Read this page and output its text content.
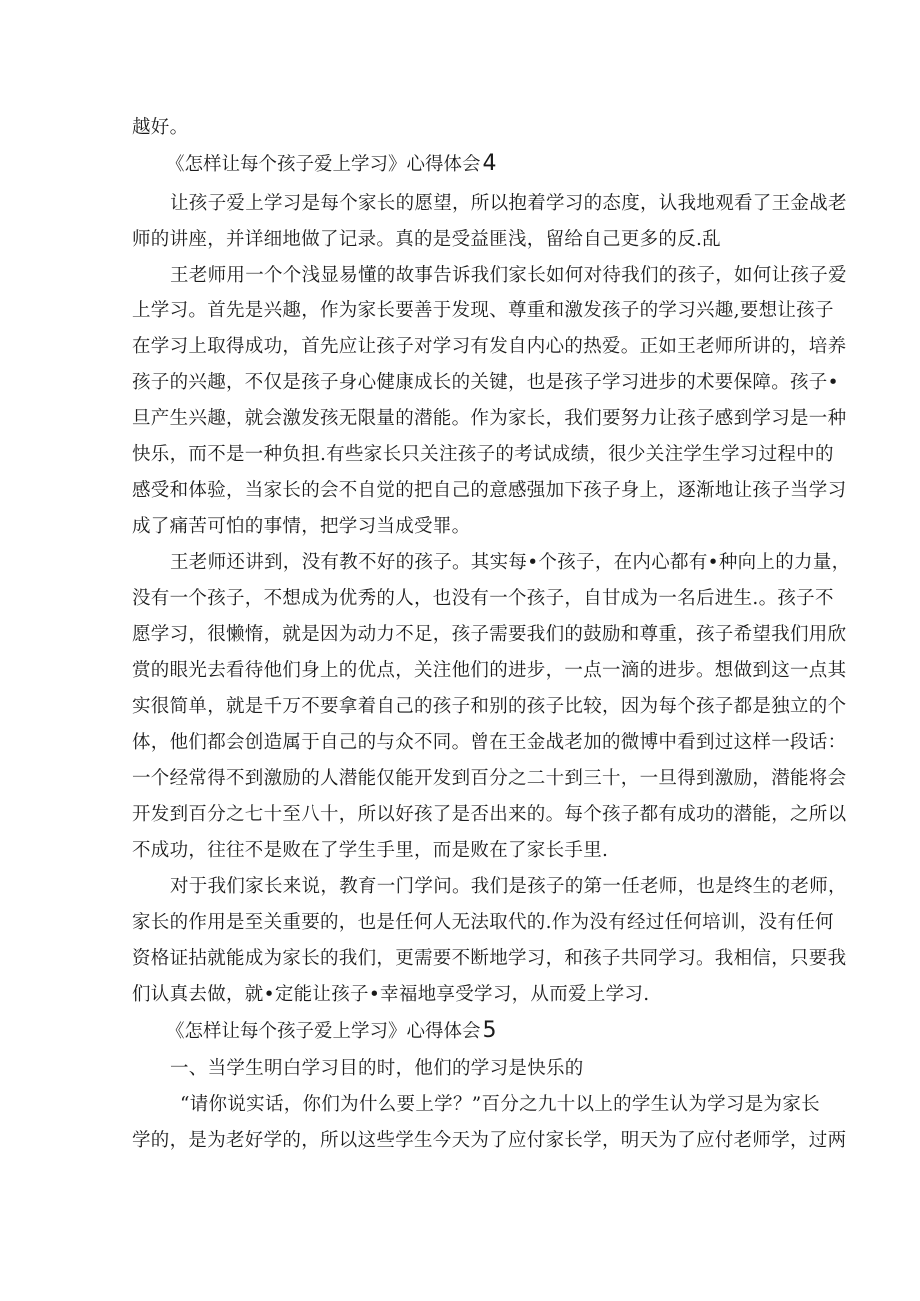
越好。
《怎样让每个孩子爱上学习》心得体会4
让孩子爱上学习是每个家长的愿望，所以抱着学习的态度，认我地观看了王金战老
师的讲座，并详细地做了记录。真的是受益匪浅，留给自己更多的反.乱
王老师用一个个浅显易懂的故事告诉我们家长如何对待我们的孩子，如何让孩子爱
上学习。首先是兴趣，作为家长要善于发现、尊重和激发孩子的学习兴趣,要想让孩子
在学习上取得成功，首先应让孩子对学习有发自内心的热爱。正如王老师所讲的，培养
孩子的兴趣，不仅是孩子身心健康成长的关键，也是孩子学习进步的术要保障。孩子•
旦产生兴趣，就会激发孩无限量的潜能。作为家长，我们要努力让孩子感到学习是一种
快乐，而不是一种负担.有些家长只关注孩子的考试成绩，很少关注学生学习过程中的
感受和体验，当家长的会不自觉的把自己的意感强加下孩子身上，逐渐地让孩子当学习
成了痛苦可怕的事情，把学习当成受罪。
王老师还讲到，没有教不好的孩子。其实每•个孩子，在内心都有•种向上的力量，
没有一个孩子，不想成为优秀的人，也没有一个孩子，自甘成为一名后进生.。孩子不
愿学习，很懒惰，就是因为动力不足，孩子需要我们的鼓励和尊重，孩子希望我们用欣
赏的眼光去看待他们身上的优点，关注他们的进步，一点一滴的进步。想做到这一点其
实很简单，就是千万不要拿着自己的孩子和别的孩子比较，因为每个孩子都是独立的个
体，他们都会创造属于自己的与众不同。曾在王金战老加的微博中看到过这样一段话：
一个经常得不到激励的人潜能仅能开发到百分之二十到三十，一旦得到激励，潜能将会
开发到百分之七十至八十，所以好孩了是否出来的。每个孩子都有成功的潜能，之所以
不成功，往往不是败在了学生手里，而是败在了家长手里.
对于我们家长来说，教育一门学问。我们是孩子的第一任老师，也是终生的老师，
家长的作用是至关重要的，也是任何人无法取代的.作为没有经过任何培训，没有任何
资格证拈就能成为家长的我们，更需要不断地学习，和孩子共同学习。我相信，只要我
们认真去做，就•定能让孩子•幸福地享受学习，从而爱上学习.
《怎样让每个孩子爱上学习》心得体会5
一、当学生明白学习目的时，他们的学习是快乐的
“请你说实话，你们为什么要上学？”百分之九十以上的学生认为学习是为家长
学的，是为老好学的，所以这些学生今天为了应付家长学，明天为了应付老师学，过两
